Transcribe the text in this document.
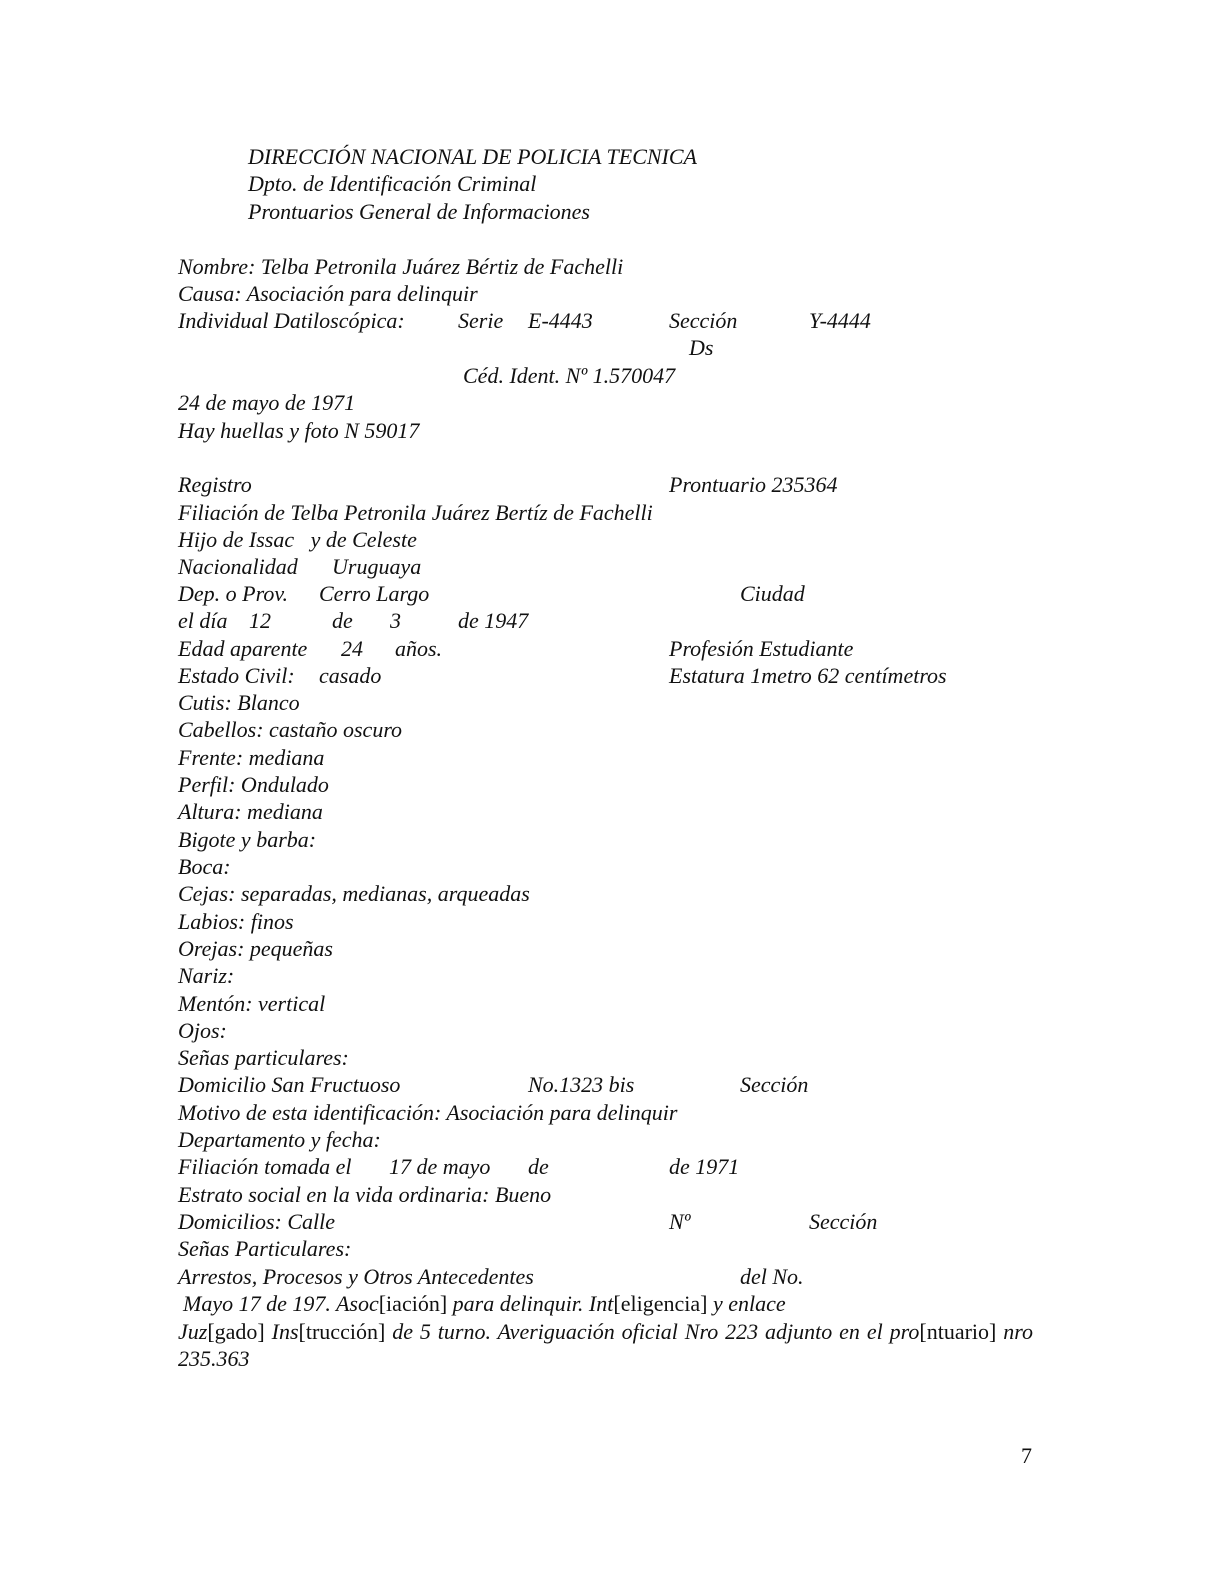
DIRECCIÓN NACIONAL DE POLICIA TECNICA
Dpto. de Identificación Criminal
Prontuarios General de Informaciones
Nombre: Telba Petronila Juárez Bértiz de Fachelli
Causa: Asociación para delinquir
Individual Datiloscópica: Serie E-4443	Sección	Y-4444
Ds
Céd. Ident. Nº 1.570047
24 de mayo de 1971
Hay huellas y foto N 59017
Registro	Prontuario 235364
Filiación de Telba Petronila Juárez Bertíz de Fachelli
Hijo de Issac   y de Celeste
Nacionalidad Uruguaya
Dep. o Prov. Cerro Largo	Ciudad
el día 12	de 3	de 1947
Edad aparente 24 años.	Profesión Estudiante
Estado Civil: casado	Estatura 1metro 62 centímetros
Cutis: Blanco
Cabellos: castaño oscuro
Frente: mediana
Perfil: Ondulado
Altura: mediana
Bigote y barba:
Boca:
Cejas: separadas, medianas, arqueadas
Labios: finos
Orejas: pequeñas
Nariz:
Mentón: vertical
Ojos:
Señas particulares:
Domicilio San Fructuoso	No.1323 bis	Sección
Motivo de esta identificación: Asociación para delinquir
Departamento y fecha:
Filiación tomada el 17 de mayo de	de 1971
Estrato social en la vida ordinaria: Bueno
Domicilios: Calle	Nº	Sección
Señas Particulares:
Arrestos, Procesos y Otros Antecedentes	del No.
Mayo 17 de 197. Asoc[iación] para delinquir. Int[eligencia] y enlace
Juz[gado] Ins[trucción] de 5 turno. Averiguación oficial Nro 223 adjunto en el pro[ntuario] nro 235.363
7
